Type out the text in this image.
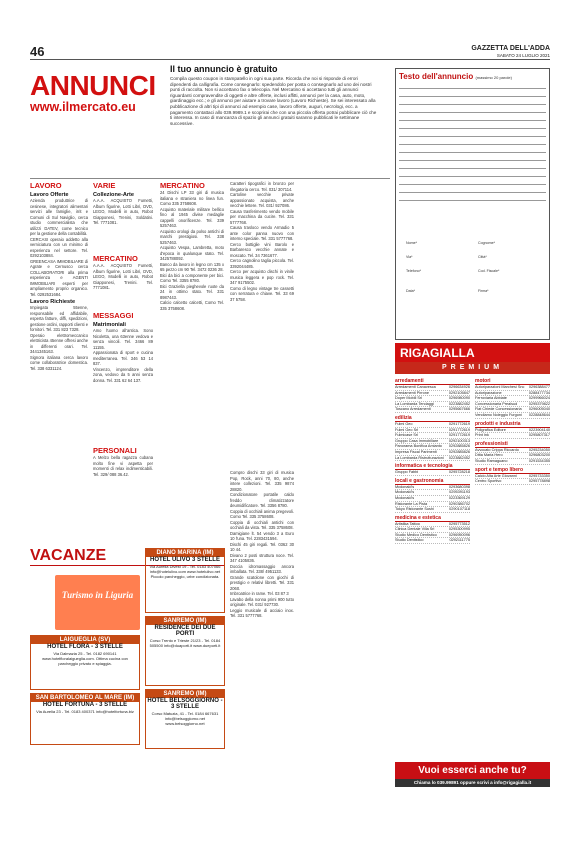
46	GAZZETTA DELL'ADDA
SABATO 24 LUGLIO 2021
ANNUNCI
www.ilmercato.eu
Il tuo annuncio è gratuito

Compila questo coupon in stampatello in ogni sua parte. Ricorda che noi si risponde di errori dipendenti da calligrafia. Come consegnarlo: spedendolo per posta o consegnarlo ad uno dei nostri punti di raccolta. Non si accettano fax o telecopia. Nel Mercatino si accettano tutti gli annunci riguardanti compravendite di oggetti e altre offerte, inclusi affitti, annunci per la casa, auto, moto, giardinaggio ecc.; e gli annunci per aiutare a trovare lavoro (Lavoro Richieste). Se sei interessato alla pubblicazione di altri tipi di annunci ad esempio case, lavoro offerte, auguri, necrologi, ecc. a pagamento contattaci allo 039.9989.1 e scoprirai che con una piccola offerta potrai pubblicare ciò che ti interessa. In caso di mancanza di spazio gli annunci gratuiti saranno pubblicati le settimane successive.

Testo dell'annuncio (massimo 20 parole)
Nome*	Cognome*
Via*	Città*
Telefono*	Cod. Fiscale*
Data*	Firma*
LAVORO
Lavoro Offerte

Azienda produttrice di cesinese, integratori alimentari servizi alle famiglie, irrit e Comuni di Sul Naviglio, cerca studio commercialista che utilizzi DATEV, come tecnico per la gestione della contabilità.

CERCASI operaio addetto alla verniciatura con un minimo di esperienza nel settore. Tel. 0292103884.

GREENCASA IMMOBILIARE di Agrate e Cernusco cerca COLLABORATORI alla prima esperienza e AGENTI IMMOBILIARI esperti per ampliamento proprio organico. Tel. 0292531684.

Lavoro Richieste

Impiegata 55enne, responsabile ed affidabile, esperta fatture, diffi, spedizioni, gestione ordini, rapporti clienti e fornitori. Tel. 331 823 7328.

Operaio elettromeccanico elettricista 45enne offresi anche in differenti orari. Tel. 3441345163.

Signora italiana cerca lavoro come collaboratrice domestica. Tel. 338 6331124.

VARIE
Collezione-Arte

A.A.A. ACQUISTO Fumetti, Album figurine, Lotti Libri, DVD, LEGO, Modelli in auto, Robot Giapponesi, Trenini, Soldatini. Tel. 7771081.

MERCATINO

A.A.A. ACQUISTO Fumetti, Album figurine, Lotti Libri, DVD, LEGO, Modelli in auto, Robot Giapponesi, Trenini. Tel. 7771081.

MESSAGGI
Matrimoniali

Amo l'uomo all'antica. Sono Nicoletta, una 63enne vedova e senza vincoli. Tel. 3466 89 11155.

Appassionata di sport e cucina mediterranea. Tel. 346 53 14 837.

Vincenzo, imprenditore della zona, vedovo da 5 anni senza donna. Tel. 331 62 64 137.

PERSONALI

A Melzo bella ragazza cubana molto fine vi aspetta per momenti di relax indimenticabili. Tel. 329/ 088 36.42.

MERCATINO

24 Dischi LP 33 giri di musica italiana e straniera no linea fun. Como 335 3758608.

Acquisto materiale militare bellico fino al 1945 divise medaglie cappelli onorificenze. Tel. 339 5257463.

Acquisto orologi da polso antichi di marchi prestigiosi. Tel. 338 5257463.

Acquisto Vespa, Lambretta, moto d'epoca in qualunque stato. Tel. 3425788092.

Banco da lavoro in legno cm 135 x 65 pezzo cm 90 Tel. 3472 0236 28.

Bici da bici a componente per bici. Como Tel. 3355 8780.

Bici Graziella pieghevole ruote da 24 in ottimo stato. Tel. 331 8987443.

Calcio calcetto calcetti, Como Tel. 335 3758608.

Caratteri tipografici in bronzo per rilegatoria cerco. Tel. 031/ 307114.

Cartoline vecchie private appassionato acquista, anche vecchie lettere. Tel. 031/ 927086.

Causa trasferimento vendo mobile per macchina da cucire. Tel. 331 5777768.

Causa trasloco vendo Armadio 5 ante color panna nuovo con interno speciale. Tel. 331 5777768.

Cerco bottiglie vini Barolo e Barbaresco vecchie annate e moscato. Tel. 34 7361677.

Cerco cagnolino taglia piccola. Tel. 3392044485.

Cerco per acquisto dischi in vinile musica leggera e pop rock. Tel. 347 9175502.

Como di legno vintage tre cassetti con serratura e chiave. Tel. 33 69 37 5758.

Compro dischi 33 giri di musica Pop, Rock, anni 70, 80, anche intere collezioni. Tel. 335 9874 28820.

Condizionatore portatile caldo freddo climatizzatore deumidificatore. Tel. 3356 8780.

Coppia di occhiali anima pregevoli. Como Tel. 335 3758608.

Coppia di occhiali antichi con occhiali da vista. Tel. 335 3758608.

Damigiane lt. 54 vendo 3 a Euro 10 l'una. Tel. 2283431594.

Dischi 45 giri regali. Tel. 0362 30 10 44.

Divano 2 posti struttura noce. Tel. 347 4105836.

Doccia idromassaggio ancora imballata. Tel. 338/ 4951133.

Grande scatolone con giochi di prestigio e relativi libretti. Tel. 331 2060.

Imbroatrice in rame. Tel. 03 87 3

Lavabo della nonna primi 900 tutto originale. Tel. 031/ 927730.

Leggio musicale di acciaio inox. Tel. 331 5777768.

VACANZE
Turismo in Liguria
LAIGUEGLIA (SV)
HOTEL FLORA - 3 STELLE
Via Dalmazia 25 - Tel. 0182 690141 www.hotelfloralaigueglia.com. Ottima cucina con parcheggio privato e spiaggia.
SAN BARTOLOMEO AL MARE (IM)
HOTEL FORTUNA - 3 STELLE
Via Aurelia 23 - Tel. 0183 400371 info@hotelfortuna.biz
DIANO MARINA (IM)
HOTEL ULIVO 3 STELLE
Via Aurelia Divest 19 - Tel. 0183 407066 info@hotelulivo.com www.hotelulivo.net Piccolo parcheggio, urbe condizionata.
SANREMO (IM)
RESIDENCE DEI DUE PORTI
Corso Trento e Trieste 21/23 - Tel. 0184 505500 info@duaporti.it www.dueporti.it
SANREMO (IM)
HOTEL BELSOGGIORNO - 3 STELLE
Corso Matuzia, 41 - Tel. 0184 667631 info@belsoggiorno.net www.belsoggiorno.net
RIGAGIALLA
PREMIUM
arredamenti
Arredamenti Canavesca	0296634926
Arredamenti Pirrone	0292105847
Doper Mobili Srl	0296980090
La Lombarda Tendaggi	0223882452
Toscano Arredamenti	0295667666
edilizia
Fulmi Geo	0291772619
Fulmi Geo Srl	0291772619
Fulmicase Srl	0291772619
Gruppo Casa Immobiliare	0292100313
Panorama Bonifica Amianto 0292885826
Impresa Fiscal Parimenti	0292885826
La Lombarda Ristrutturazioni 0223882452
informatica e tecnologia
Gruppo Fabbi	0295728218
locali e gastronomia
Mcdonald's	0293680398
Mcdonald's	0295391193
Mcdonald's	0223369129
Ristorante La Pista	0290386702
Tokyo Ristorante Sushi	0290107118
medicina e estetica
Artistika Tattoo	0295773512
Clinica Dentale Villa Srl	0295300995
Studio Medico Dentistico	0296950096
Studio Dentistico	0292111775
motori
Autoriparazioni Marchesi Snc 0296388477
Autoriparazione	0288477734
Ferroviaria Abbiate	0299966024
Concessionaria Prealsud	0295379822
Fiat Chiede Concessionaria 0296005040
Vendiamo Noleggio Furgoni 0228848644
prodotti e industria
Poligrafica Editore	0223904140
Print Ink	0295807317
professionisti
Avvocato Crippa Riccardo	0295234050
Ditta Maria Hero	0296803200
Studio Ramaguano	0291534355
sport e tempo libero
Calcio Alta Arte Giovanni	0295733350
Centro Sportivo	0295778898
Vuoi esserci anche tu?
Chiama lo 039.99891 oppure scrivi a info@rigagialla.it
